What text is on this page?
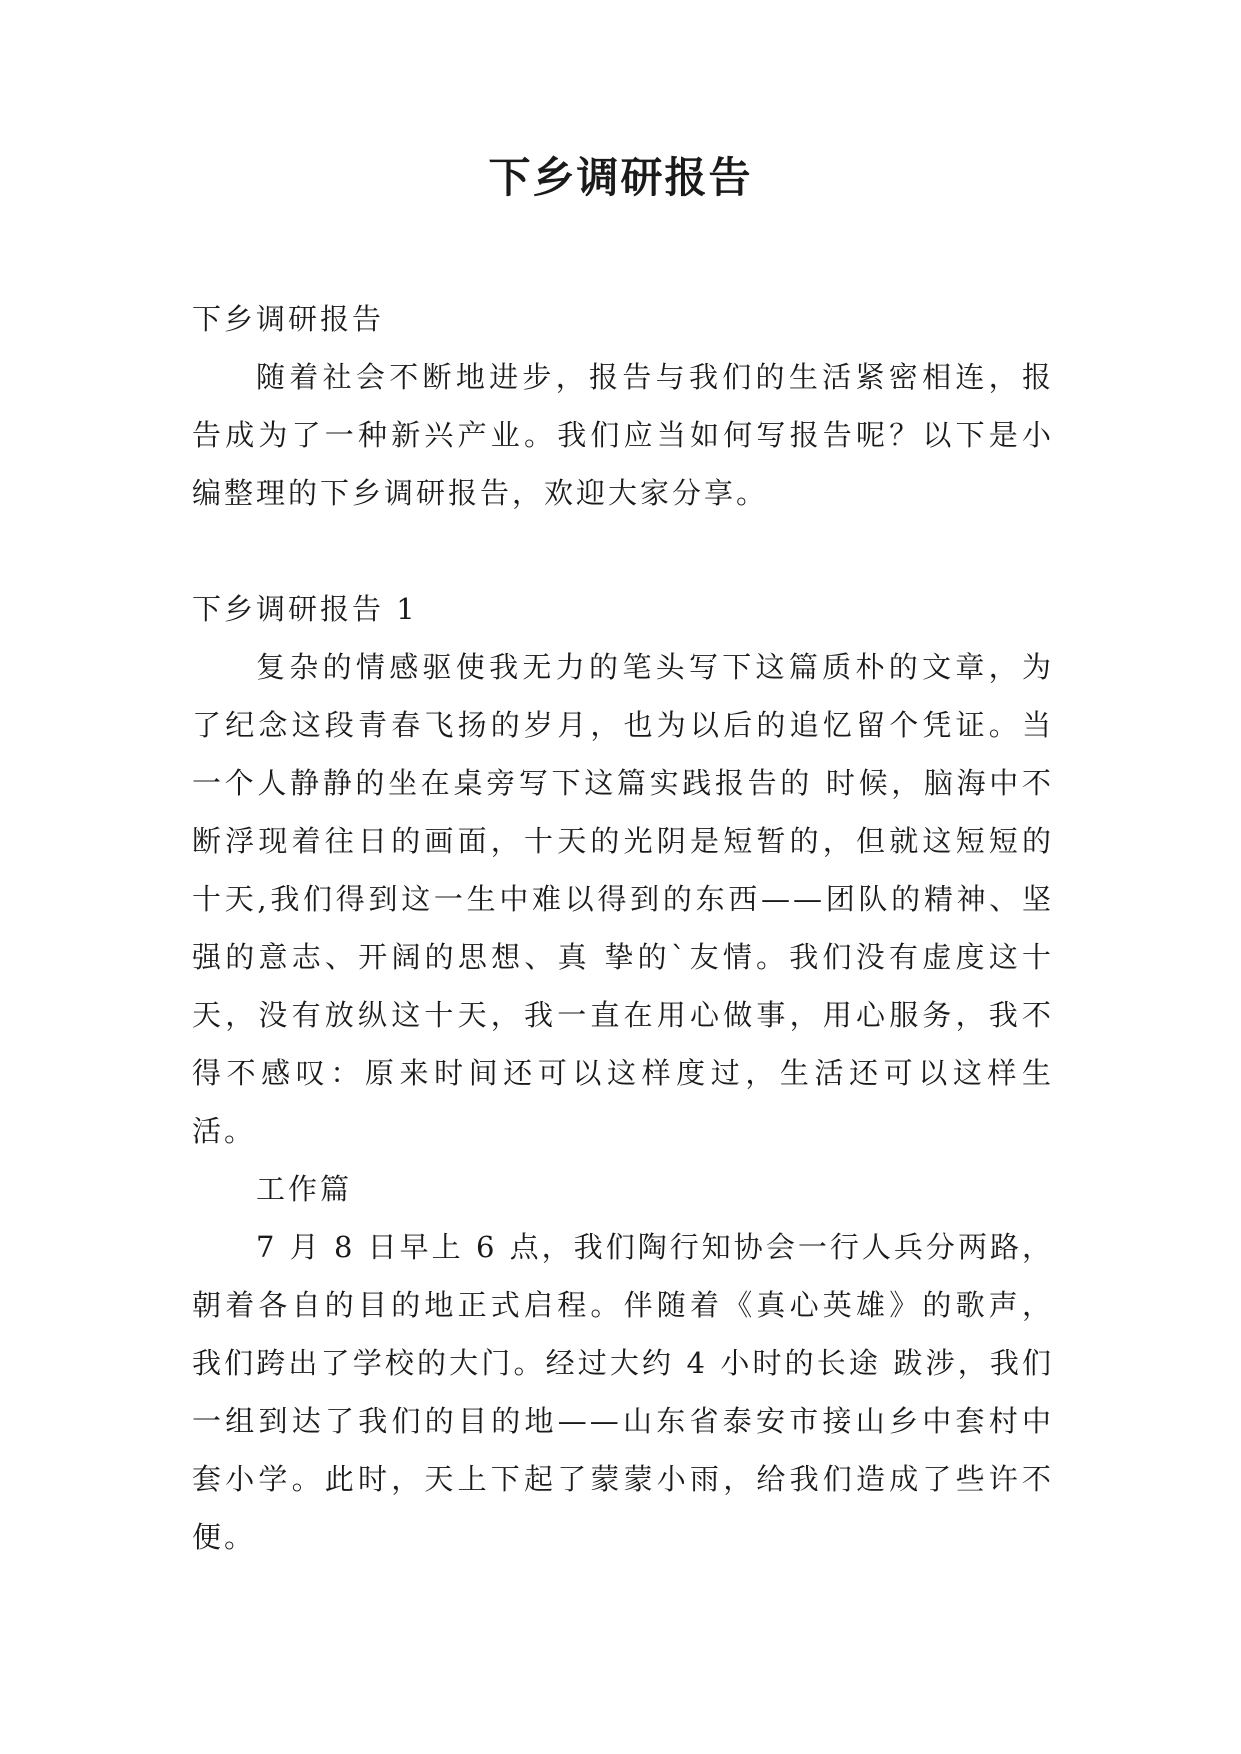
下乡调研报告

下乡调研报告

随着社会不断地进步，报告与我们的生活紧密相连，报告成为了一种新兴产业。我们应当如何写报告呢？以下是小编整理的下乡调研报告，欢迎大家分享。

下乡调研报告 1

复杂的情感驱使我无力的笔头写下这篇质朴的文章，为了纪念这段青春飞扬的岁月，也为以后的追忆留个凭证。当一个人静静的坐在桌旁写下这篇实践报告的 时候，脑海中不断浮现着往日的画面，十天的光阴是短暂的，但就这短短的十天,我们得到这一生中难以得到的东西——团队的精神、坚强的意志、开阔的思想、真 挚的`友情。我们没有虚度这十天，没有放纵这十天，我一直在用心做事，用心服务，我不得不感叹：原来时间还可以这样度过，生活还可以这样生活。

工作篇

7 月 8 日早上 6 点，我们陶行知协会一行人兵分两路，朝着各自的目的地正式启程。伴随着《真心英雄》的歌声，我们跨出了学校的大门。经过大约 4 小时的长途 跋涉，我们一组到达了我们的目的地——山东省泰安市接山乡中套村中套小学。此时，天上下起了蒙蒙小雨，给我们造成了些许不便。
